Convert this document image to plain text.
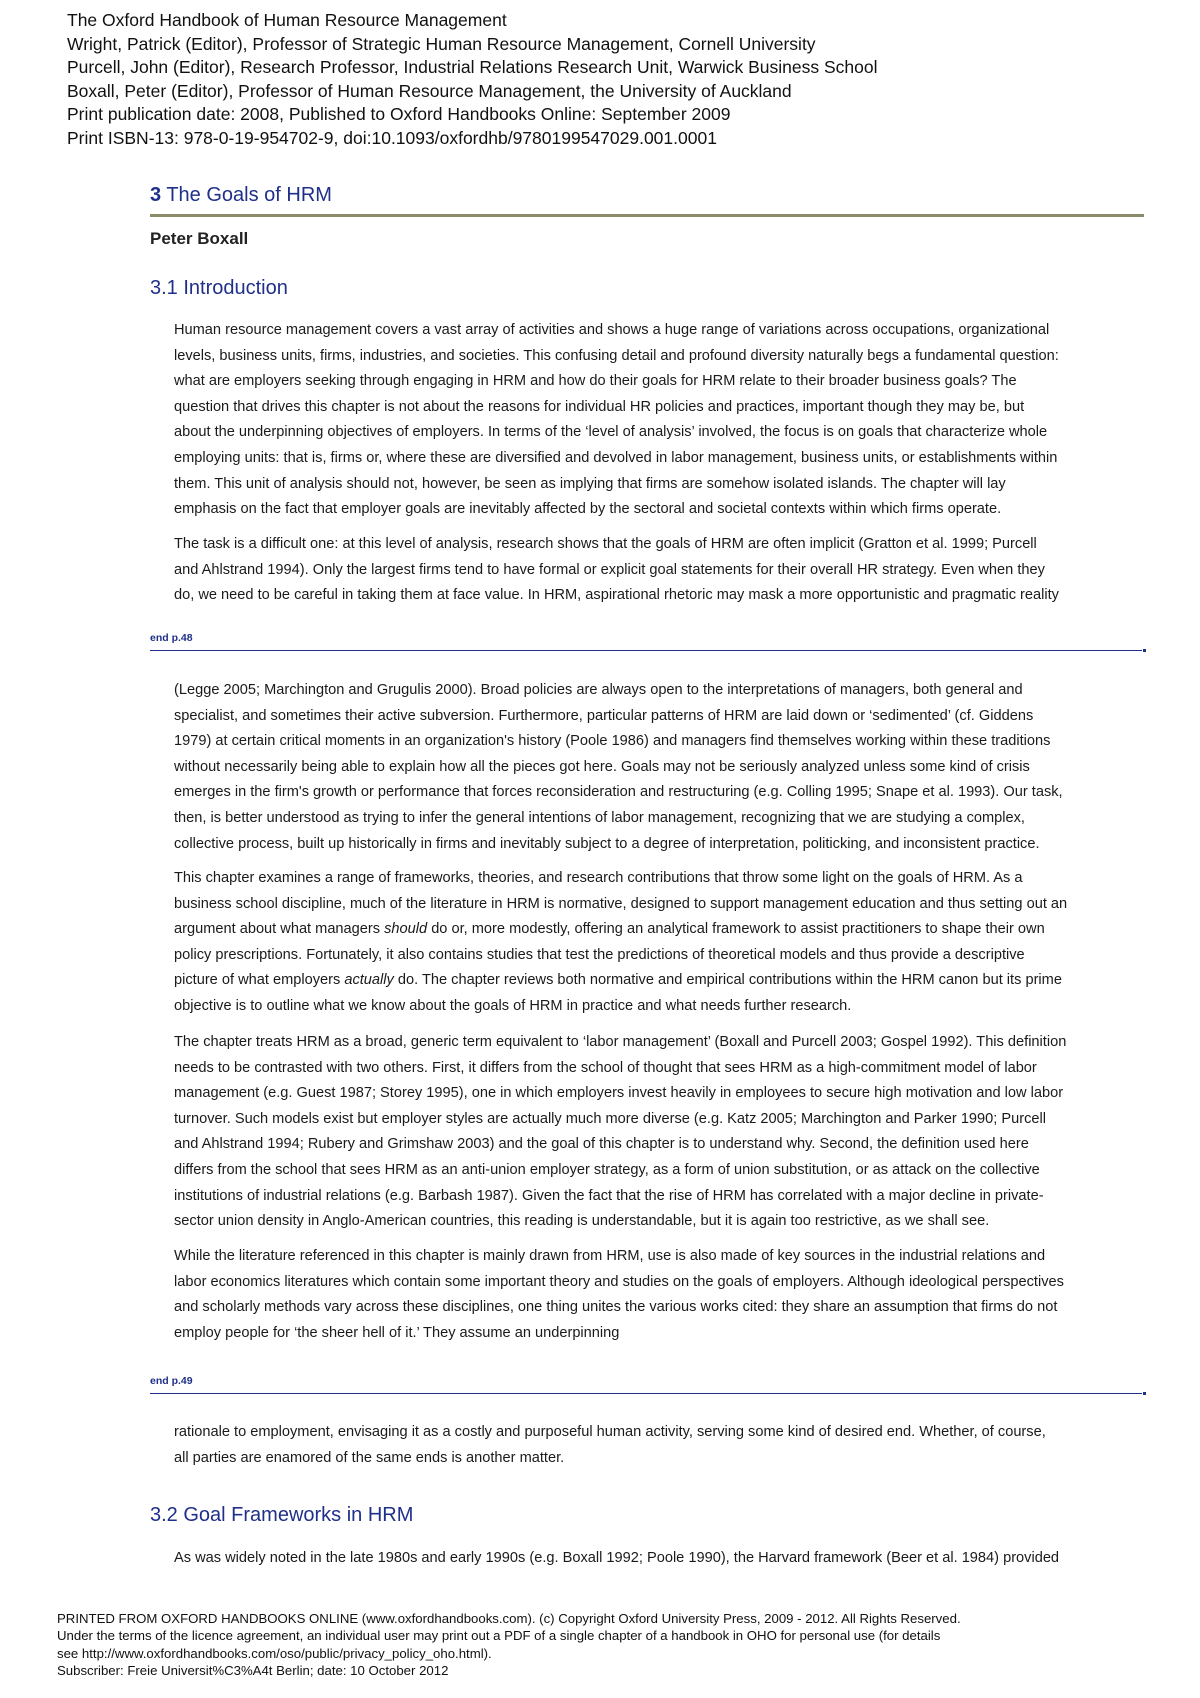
The Oxford Handbook of Human Resource Management
Wright, Patrick (Editor), Professor of Strategic Human Resource Management, Cornell University
Purcell, John (Editor), Research Professor, Industrial Relations Research Unit, Warwick Business School
Boxall, Peter (Editor), Professor of Human Resource Management, the University of Auckland
Print publication date: 2008, Published to Oxford Handbooks Online: September 2009
Print ISBN-13: 978-0-19-954702-9, doi:10.1093/oxfordhb/9780199547029.001.0001
3 The Goals of HRM
Peter Boxall
3.1 Introduction
Human resource management covers a vast array of activities and shows a huge range of variations across occupations, organizational
levels, business units, firms, industries, and societies. This confusing detail and profound diversity naturally begs a fundamental question:
what are employers seeking through engaging in HRM and how do their goals for HRM relate to their broader business goals? The
question that drives this chapter is not about the reasons for individual HR policies and practices, important though they may be, but
about the underpinning objectives of employers. In terms of the ‘level of analysis’ involved, the focus is on goals that characterize whole
employing units: that is, firms or, where these are diversified and devolved in labor management, business units, or establishments within
them. This unit of analysis should not, however, be seen as implying that firms are somehow isolated islands. The chapter will lay
emphasis on the fact that employer goals are inevitably affected by the sectoral and societal contexts within which firms operate.
The task is a difficult one: at this level of analysis, research shows that the goals of HRM are often implicit (Gratton et al. 1999; Purcell
and Ahlstrand 1994). Only the largest firms tend to have formal or explicit goal statements for their overall HR strategy. Even when they
do, we need to be careful in taking them at face value. In HRM, aspirational rhetoric may mask a more opportunistic and pragmatic reality
end p.48
(Legge 2005; Marchington and Grugulis 2000). Broad policies are always open to the interpretations of managers, both general and
specialist, and sometimes their active subversion. Furthermore, particular patterns of HRM are laid down or ‘sedimented’ (cf. Giddens
1979) at certain critical moments in an organization's history (Poole 1986) and managers find themselves working within these traditions
without necessarily being able to explain how all the pieces got here. Goals may not be seriously analyzed unless some kind of crisis
emerges in the firm's growth or performance that forces reconsideration and restructuring (e.g. Colling 1995; Snape et al. 1993). Our task,
then, is better understood as trying to infer the general intentions of labor management, recognizing that we are studying a complex,
collective process, built up historically in firms and inevitably subject to a degree of interpretation, politicking, and inconsistent practice.
This chapter examines a range of frameworks, theories, and research contributions that throw some light on the goals of HRM. As a
business school discipline, much of the literature in HRM is normative, designed to support management education and thus setting out an
argument about what managers should do or, more modestly, offering an analytical framework to assist practitioners to shape their own
policy prescriptions. Fortunately, it also contains studies that test the predictions of theoretical models and thus provide a descriptive
picture of what employers actually do. The chapter reviews both normative and empirical contributions within the HRM canon but its prime
objective is to outline what we know about the goals of HRM in practice and what needs further research.
The chapter treats HRM as a broad, generic term equivalent to ‘labor management’ (Boxall and Purcell 2003; Gospel 1992). This definition
needs to be contrasted with two others. First, it differs from the school of thought that sees HRM as a high-commitment model of labor
management (e.g. Guest 1987; Storey 1995), one in which employers invest heavily in employees to secure high motivation and low labor
turnover. Such models exist but employer styles are actually much more diverse (e.g. Katz 2005; Marchington and Parker 1990; Purcell
and Ahlstrand 1994; Rubery and Grimshaw 2003) and the goal of this chapter is to understand why. Second, the definition used here
differs from the school that sees HRM as an anti-union employer strategy, as a form of union substitution, or as attack on the collective
institutions of industrial relations (e.g. Barbash 1987). Given the fact that the rise of HRM has correlated with a major decline in private-
sector union density in Anglo-American countries, this reading is understandable, but it is again too restrictive, as we shall see.
While the literature referenced in this chapter is mainly drawn from HRM, use is also made of key sources in the industrial relations and
labor economics literatures which contain some important theory and studies on the goals of employers. Although ideological perspectives
and scholarly methods vary across these disciplines, one thing unites the various works cited: they share an assumption that firms do not
employ people for ‘the sheer hell of it.’ They assume an underpinning
end p.49
rationale to employment, envisaging it as a costly and purposeful human activity, serving some kind of desired end. Whether, of course,
all parties are enamored of the same ends is another matter.
3.2 Goal Frameworks in HRM
As was widely noted in the late 1980s and early 1990s (e.g. Boxall 1992; Poole 1990), the Harvard framework (Beer et al. 1984) provided
PRINTED FROM OXFORD HANDBOOKS ONLINE (www.oxfordhandbooks.com). (c) Copyright Oxford University Press, 2009 - 2012. All Rights Reserved.
Under the terms of the licence agreement, an individual user may print out a PDF of a single chapter of a handbook in OHO for personal use (for details
see http://www.oxfordhandbooks.com/oso/public/privacy_policy_oho.html).
Subscriber: Freie Universit%C3%A4t Berlin; date: 10 October 2012
